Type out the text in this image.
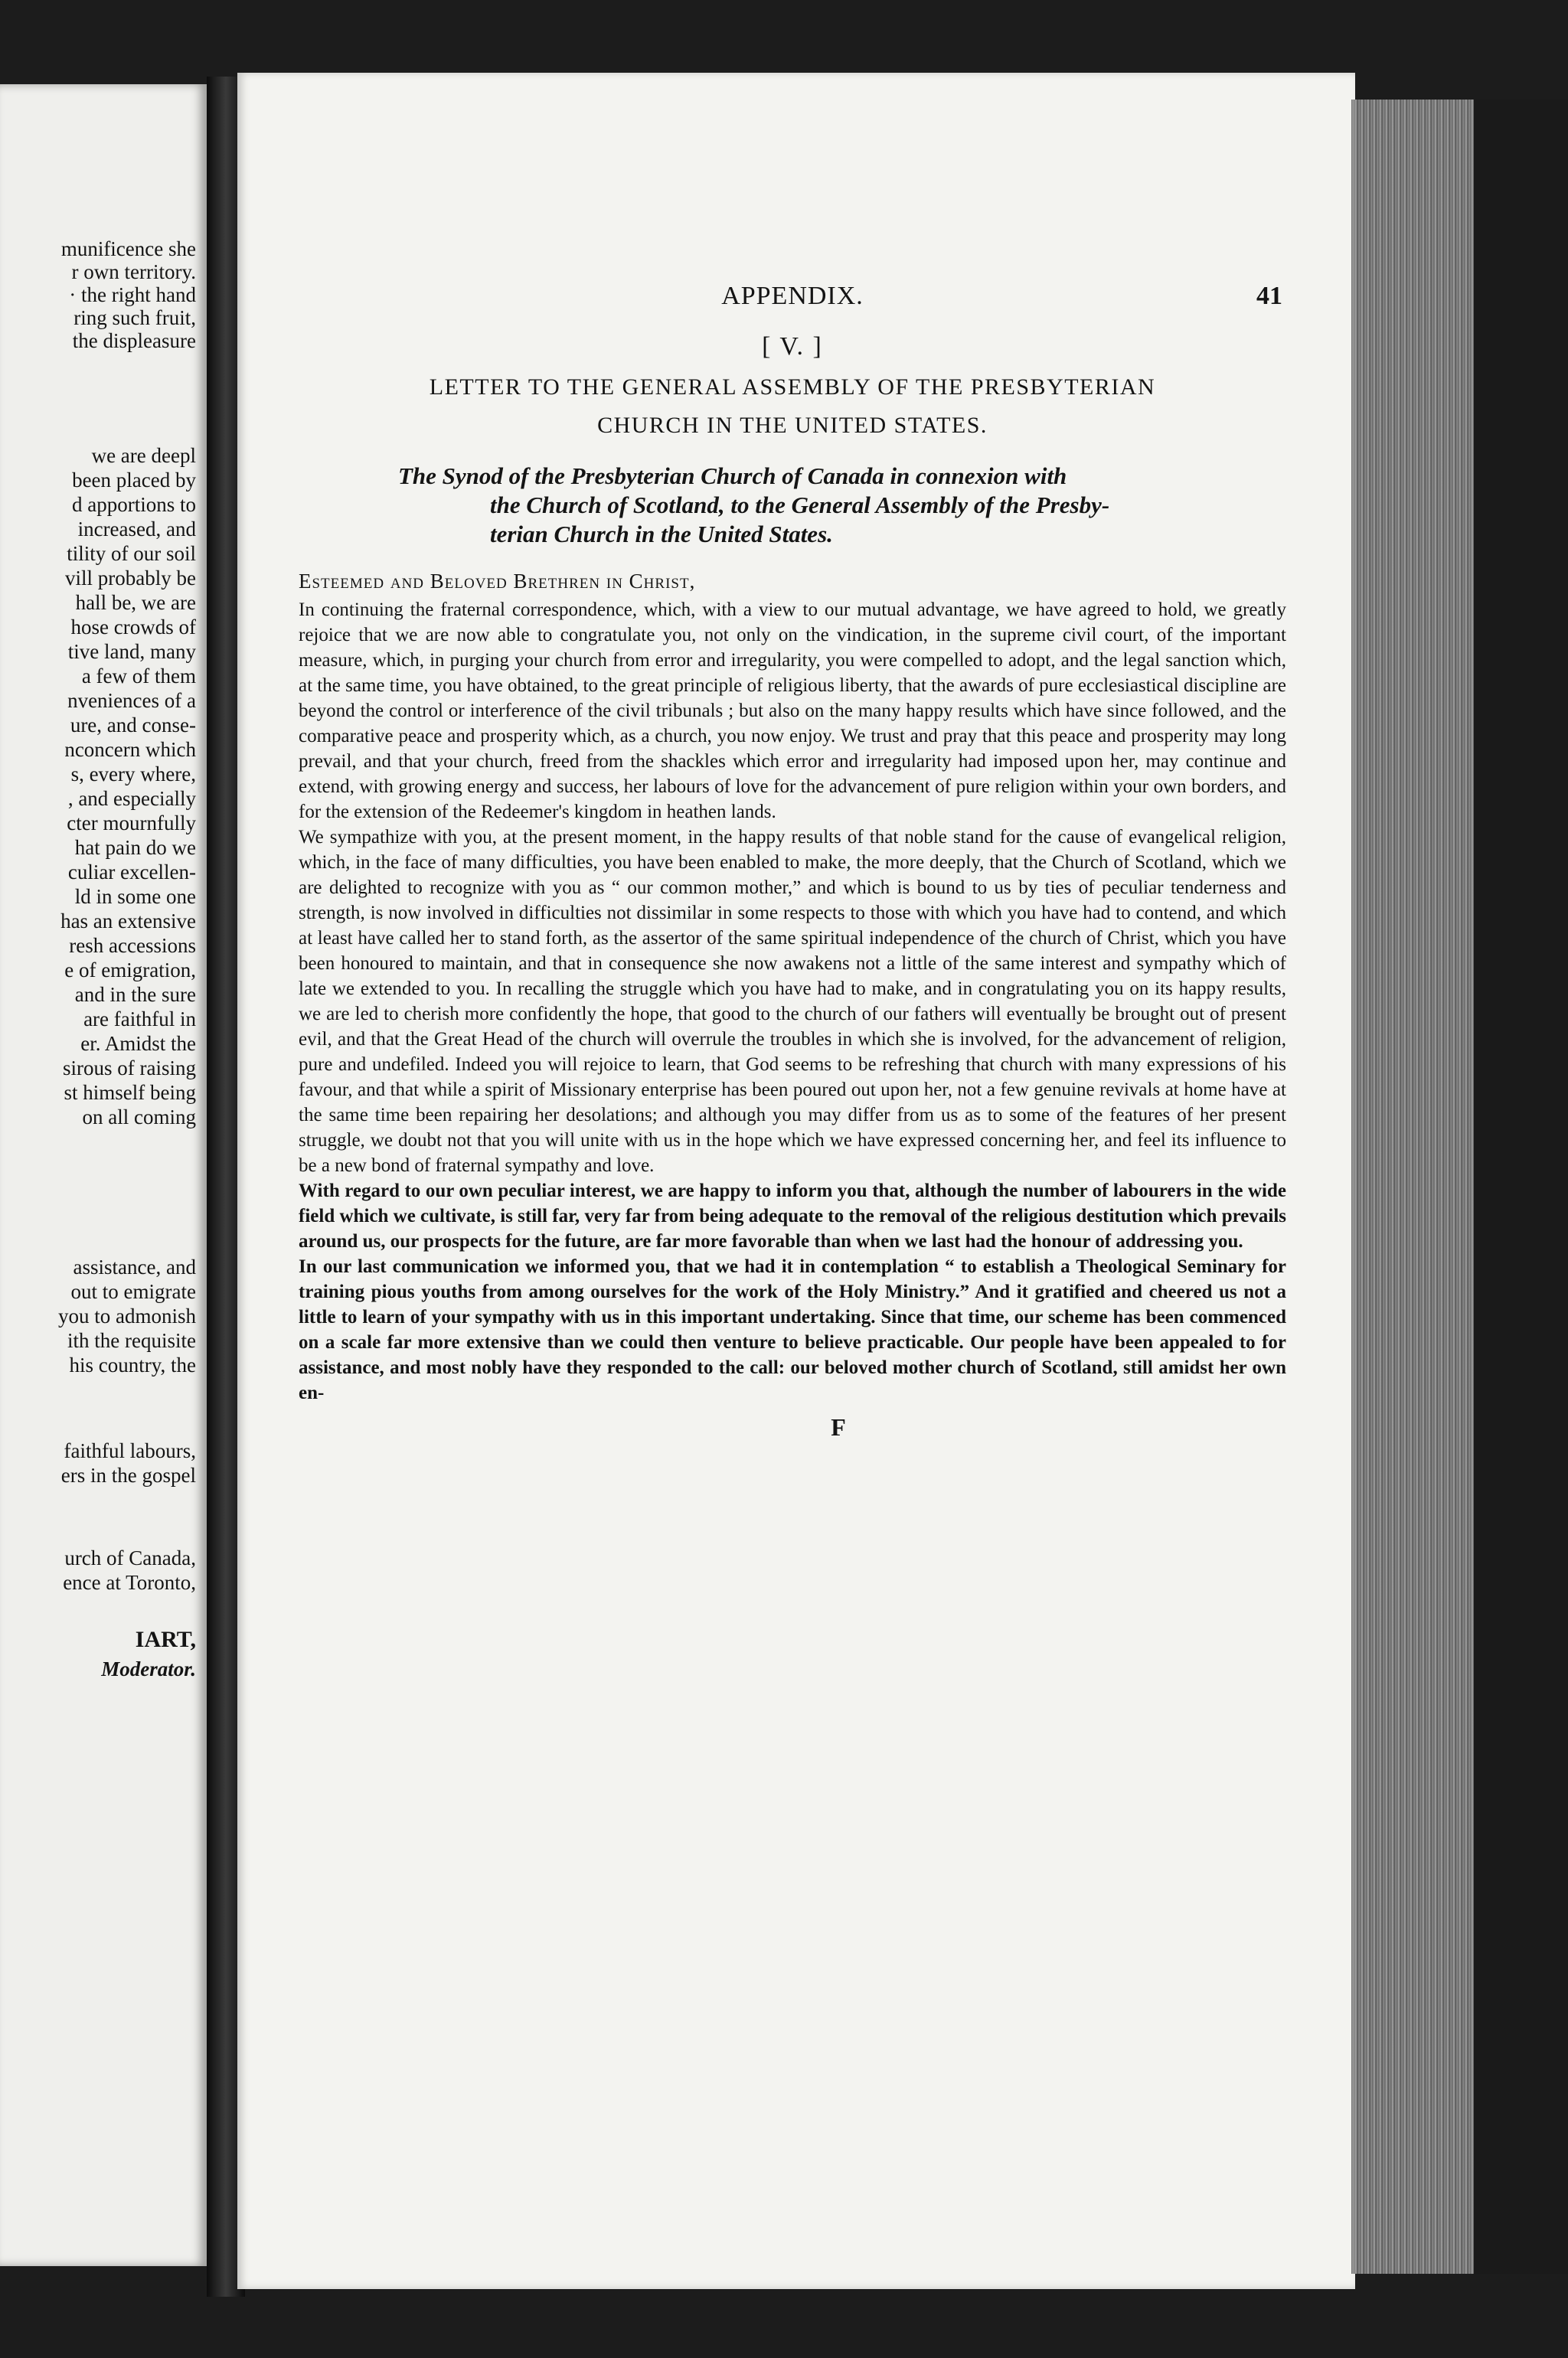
munificence she
r own territory.
· the right hand
ring such fruit,
the displeasure
we are deepl
been placed by
d apportions to
increased, and
tility of our soil
vill probably be
hall be, we are
hose crowds of
tive land, many
a few of them
nveniences of a
ure, and conse-
nconcern which
s, every where,
, and especially
cter mournfully
hat pain do we
culiar excellen-
ld in some one
has an extensive
resh accessions
e of emigration,
and in the sure
are faithful in
er. Amidst the
sirous of raising
st himself being
on all coming
assistance, and
out to emigrate
you to admonish
ith the requisite
his country, the
faithful labours,
ers in the gospel
urch of Canada,
ence at Toronto,
IART,
Moderator.
APPENDIX.	41
[ V. ]
LETTER TO THE GENERAL ASSEMBLY OF THE PRESBYTERIAN
CHURCH IN THE UNITED STATES.
The Synod of the Presbyterian Church of Canada in connexion with
the Church of Scotland, to the General Assembly of the Presby-
terian Church in the United States.
Esteemed and Beloved Brethren in Christ,

In continuing the fraternal correspondence, which, with a view to our mutual advantage, we have agreed to hold, we greatly rejoice that we are now able to congratulate you, not only on the vindication, in the supreme civil court, of the important measure, which, in purging your church from error and irregularity, you were compelled to adopt, and the legal sanction which, at the same time, you have obtained, to the great principle of religious liberty, that the awards of pure ecclesiastical discipline are beyond the control or interference of the civil tribunals ; but also on the many happy results which have since followed, and the comparative peace and prosperity which, as a church, you now enjoy. We trust and pray that this peace and prosperity may long prevail, and that your church, freed from the shackles which error and irregularity had imposed upon her, may continue and extend, with growing energy and success, her labours of love for the advancement of pure religion within your own borders, and for the extension of the Redeemer's kingdom in heathen lands.

We sympathize with you, at the present moment, in the happy results of that noble stand for the cause of evangelical religion, which, in the face of many difficulties, you have been enabled to make, the more deeply, that the Church of Scotland, which we are delighted to recognize with you as “ our common mother,” and which is bound to us by ties of peculiar tenderness and strength, is now involved in difficulties not dissimilar in some respects to those with which you have had to contend, and which at least have called her to stand forth, as the assertor of the same spiritual independence of the church of Christ, which you have been honoured to maintain, and that in consequence she now awakens not a little of the same interest and sympathy which of late we extended to you. In recalling the struggle which you have had to make, and in congratulating you on its happy results, we are led to cherish more confidently the hope, that good to the church of our fathers will eventually be brought out of present evil, and that the Great Head of the church will overrule the troubles in which she is involved, for the advancement of religion, pure and undefiled. Indeed you will rejoice to learn, that God seems to be refreshing that church with many expressions of his favour, and that while a spirit of Missionary enterprise has been poured out upon her, not a few genuine revivals at home have at the same time been repairing her desolations; and although you may differ from us as to some of the features of her present struggle, we doubt not that you will unite with us in the hope which we have expressed concerning her, and feel its influence to be a new bond of fraternal sympathy and love.

With regard to our own peculiar interest, we are happy to inform you that, although the number of labourers in the wide field which we cultivate, is still far, very far from being adequate to the removal of the religious destitution which prevails around us, our prospects for the future, are far more favorable than when we last had the honour of addressing you.

In our last communication we informed you, that we had it in contemplation “ to establish a Theological Seminary for training pious youths from among ourselves for the work of the Holy Ministry.” And it gratified and cheered us not a little to learn of your sympathy with us in this important undertaking. Since that time, our scheme has been commenced on a scale far more extensive than we could then venture to believe practicable. Our people have been appealed to for assistance, and most nobly have they responded to the call: our beloved mother church of Scotland, still amidst her own en-

F
